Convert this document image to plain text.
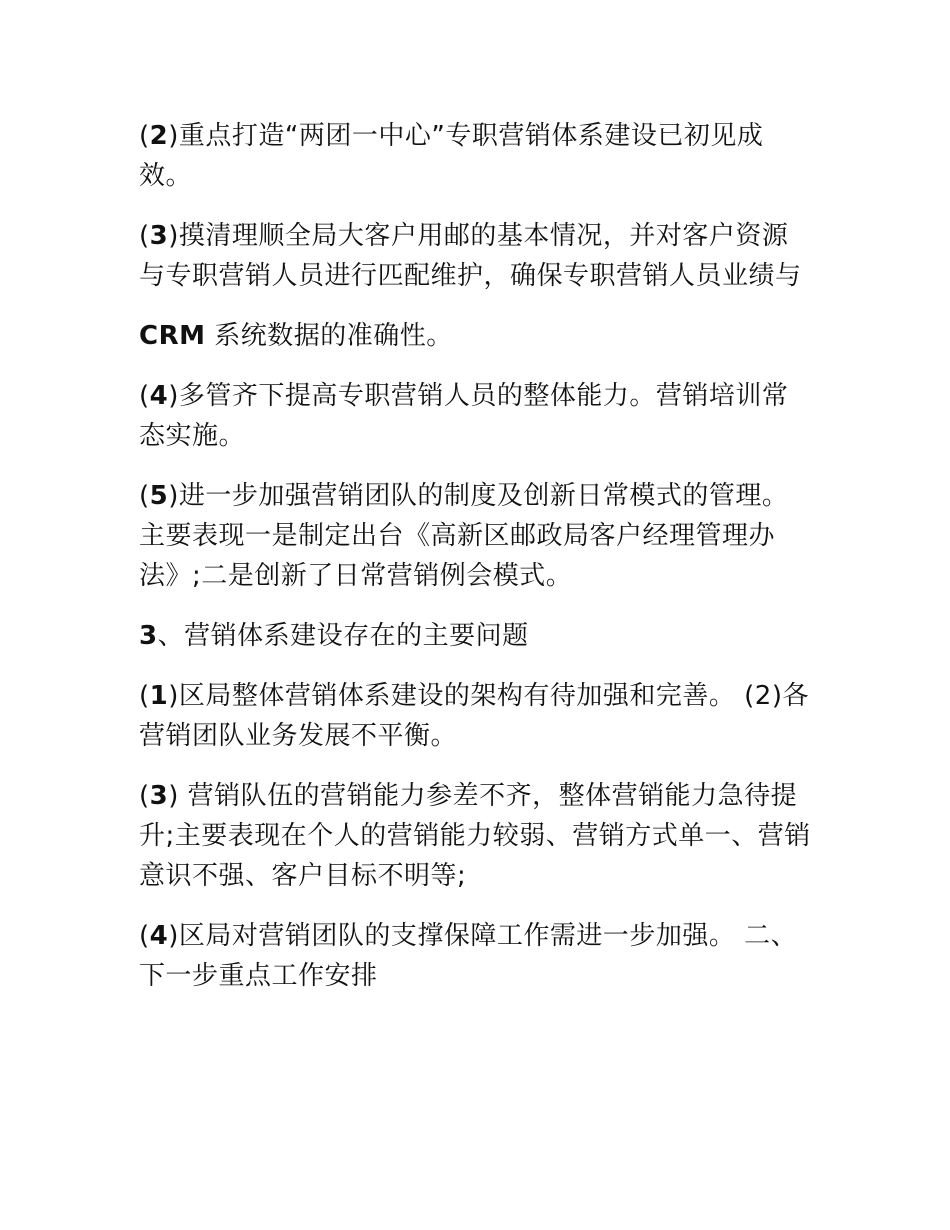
(2)重点打造“两团一中心”专职营销体系建设已初见成效。

(3)摸清理顺全局大客户用邮的基本情况，并对客户资源与专职营销人员进行匹配维护，确保专职营销人员业绩与

CRM 系统数据的准确性。

(4)多管齐下提高专职营销人员的整体能力。营销培训常态实施。

(5)进一步加强营销团队的制度及创新日常模式的管理。主要表现一是制定出台《高新区邮政局客户经理管理办法》;二是创新了日常营销例会模式。

3、营销体系建设存在的主要问题

(1)区局整体营销体系建设的架构有待加强和完善。 (2)各营销团队业务发展不平衡。

(3) 营销队伍的营销能力参差不齐，整体营销能力急待提升;主要表现在个人的营销能力较弱、营销方式单一、营销意识不强、客户目标不明等;

(4)区局对营销团队的支撑保障工作需进一步加强。 二、下一步重点工作安排
